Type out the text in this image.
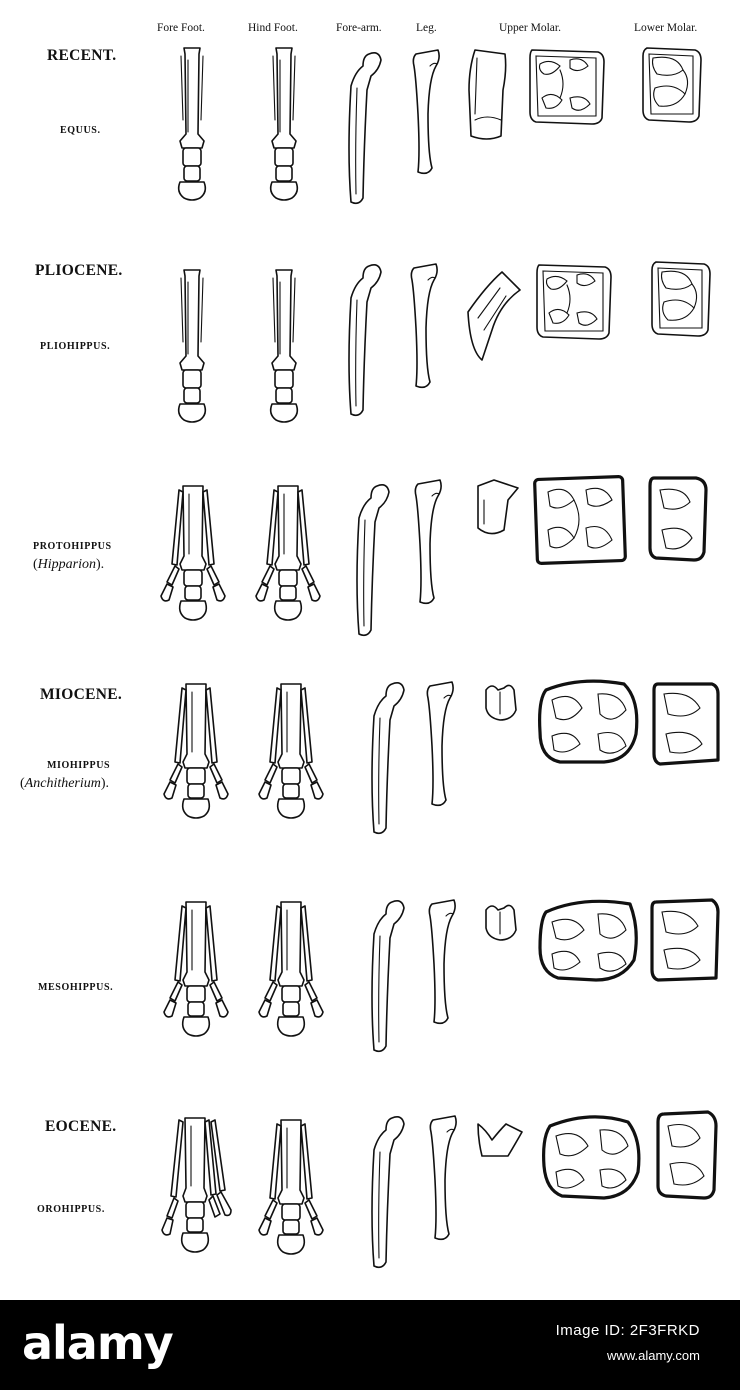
Fore Foot.	Hind Foot.	Fore-arm.	Leg.	Upper Molar.	Lower Molar.
RECENT.
PLIOCENE.
MIOCENE.
EOCENE.
EQUUS.
PLIOHIPPUS.
PROTOHIPPUS
(Hipparion).
MIOHIPPUS
(Anchitherium).
MESOHIPPUS.
OROHIPPUS.
alamy	Image ID: 2F3FRKD
www.alamy.com
